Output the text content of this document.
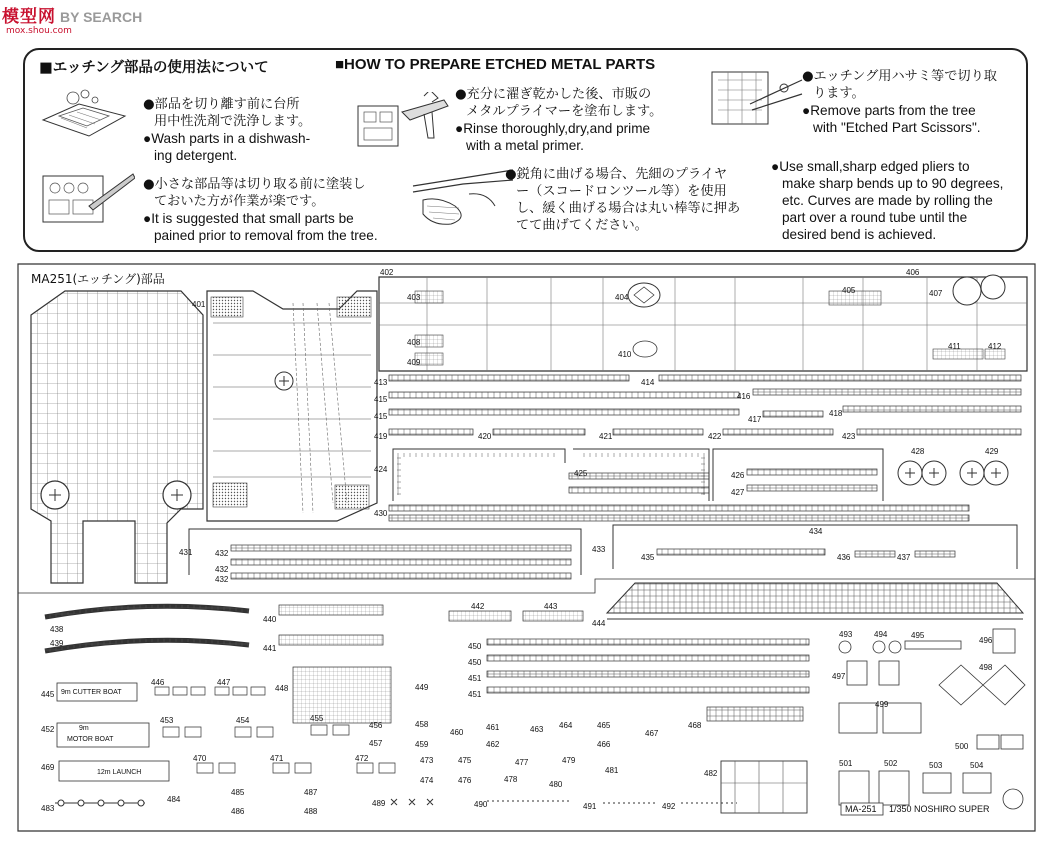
模型网 BY SEARCH
mox.shou.com
■エッチング部品の使用法について	■HOW TO PREPARE ETCHED METAL PARTS

●部品を切り離す前に台所

用中性洗剤で洗浄します。

●Wash parts in a dishwash-

ing detergent.

●充分に濯ぎ乾かした後、市販の

メタルプライマーを塗布します。

●Rinse thoroughly,dry,and prime

with a metal primer.

●エッチング用ハサミ等で切り取

ります。

●Remove parts from the tree

with "Etched Part Scissors".

●小さな部品等は切り取る前に塗装し

ておいた方が作業が楽です。

●It is suggested that small parts be

pained prior to removal from the tree.

●鋭角に曲げる場合、先細のプライヤ

ー（スコードロンツール等）を使用

し、緩く曲げる場合は丸い棒等に押あ

てて曲げてください。

●Use small,sharp edged pliers to

make sharp bends up to 90 degrees,

etc. Curves are made by rolling the

part over a round tube until the

desired bend is achieved.

MA251(エッチング)部品
401
402
403	404
405
406
407
408
409
410
411	412
413	414
415	416
415	417
418
419	420	421	422	423
424	425	426
427
428	429
430
431	432
432
432
433
434
435	436	437
438
439
440
441
442	443
444
445
446	447
448	449
450
450
451
451
452
453	454	455
456
457
458
459
460
461
462
463 464	465
466
467
468
469
470	471	472	473
474
475
476
477
478
479
480
481	482
483
484
485
486
487
488
489	490	491	492
493	494	495
496
497
498
499
500
501	502	503	504
9m CUTTER BOAT
9m
MOTOR BOAT
12m LAUNCH
MA-251 1/350 NOSHIRO SUPER
